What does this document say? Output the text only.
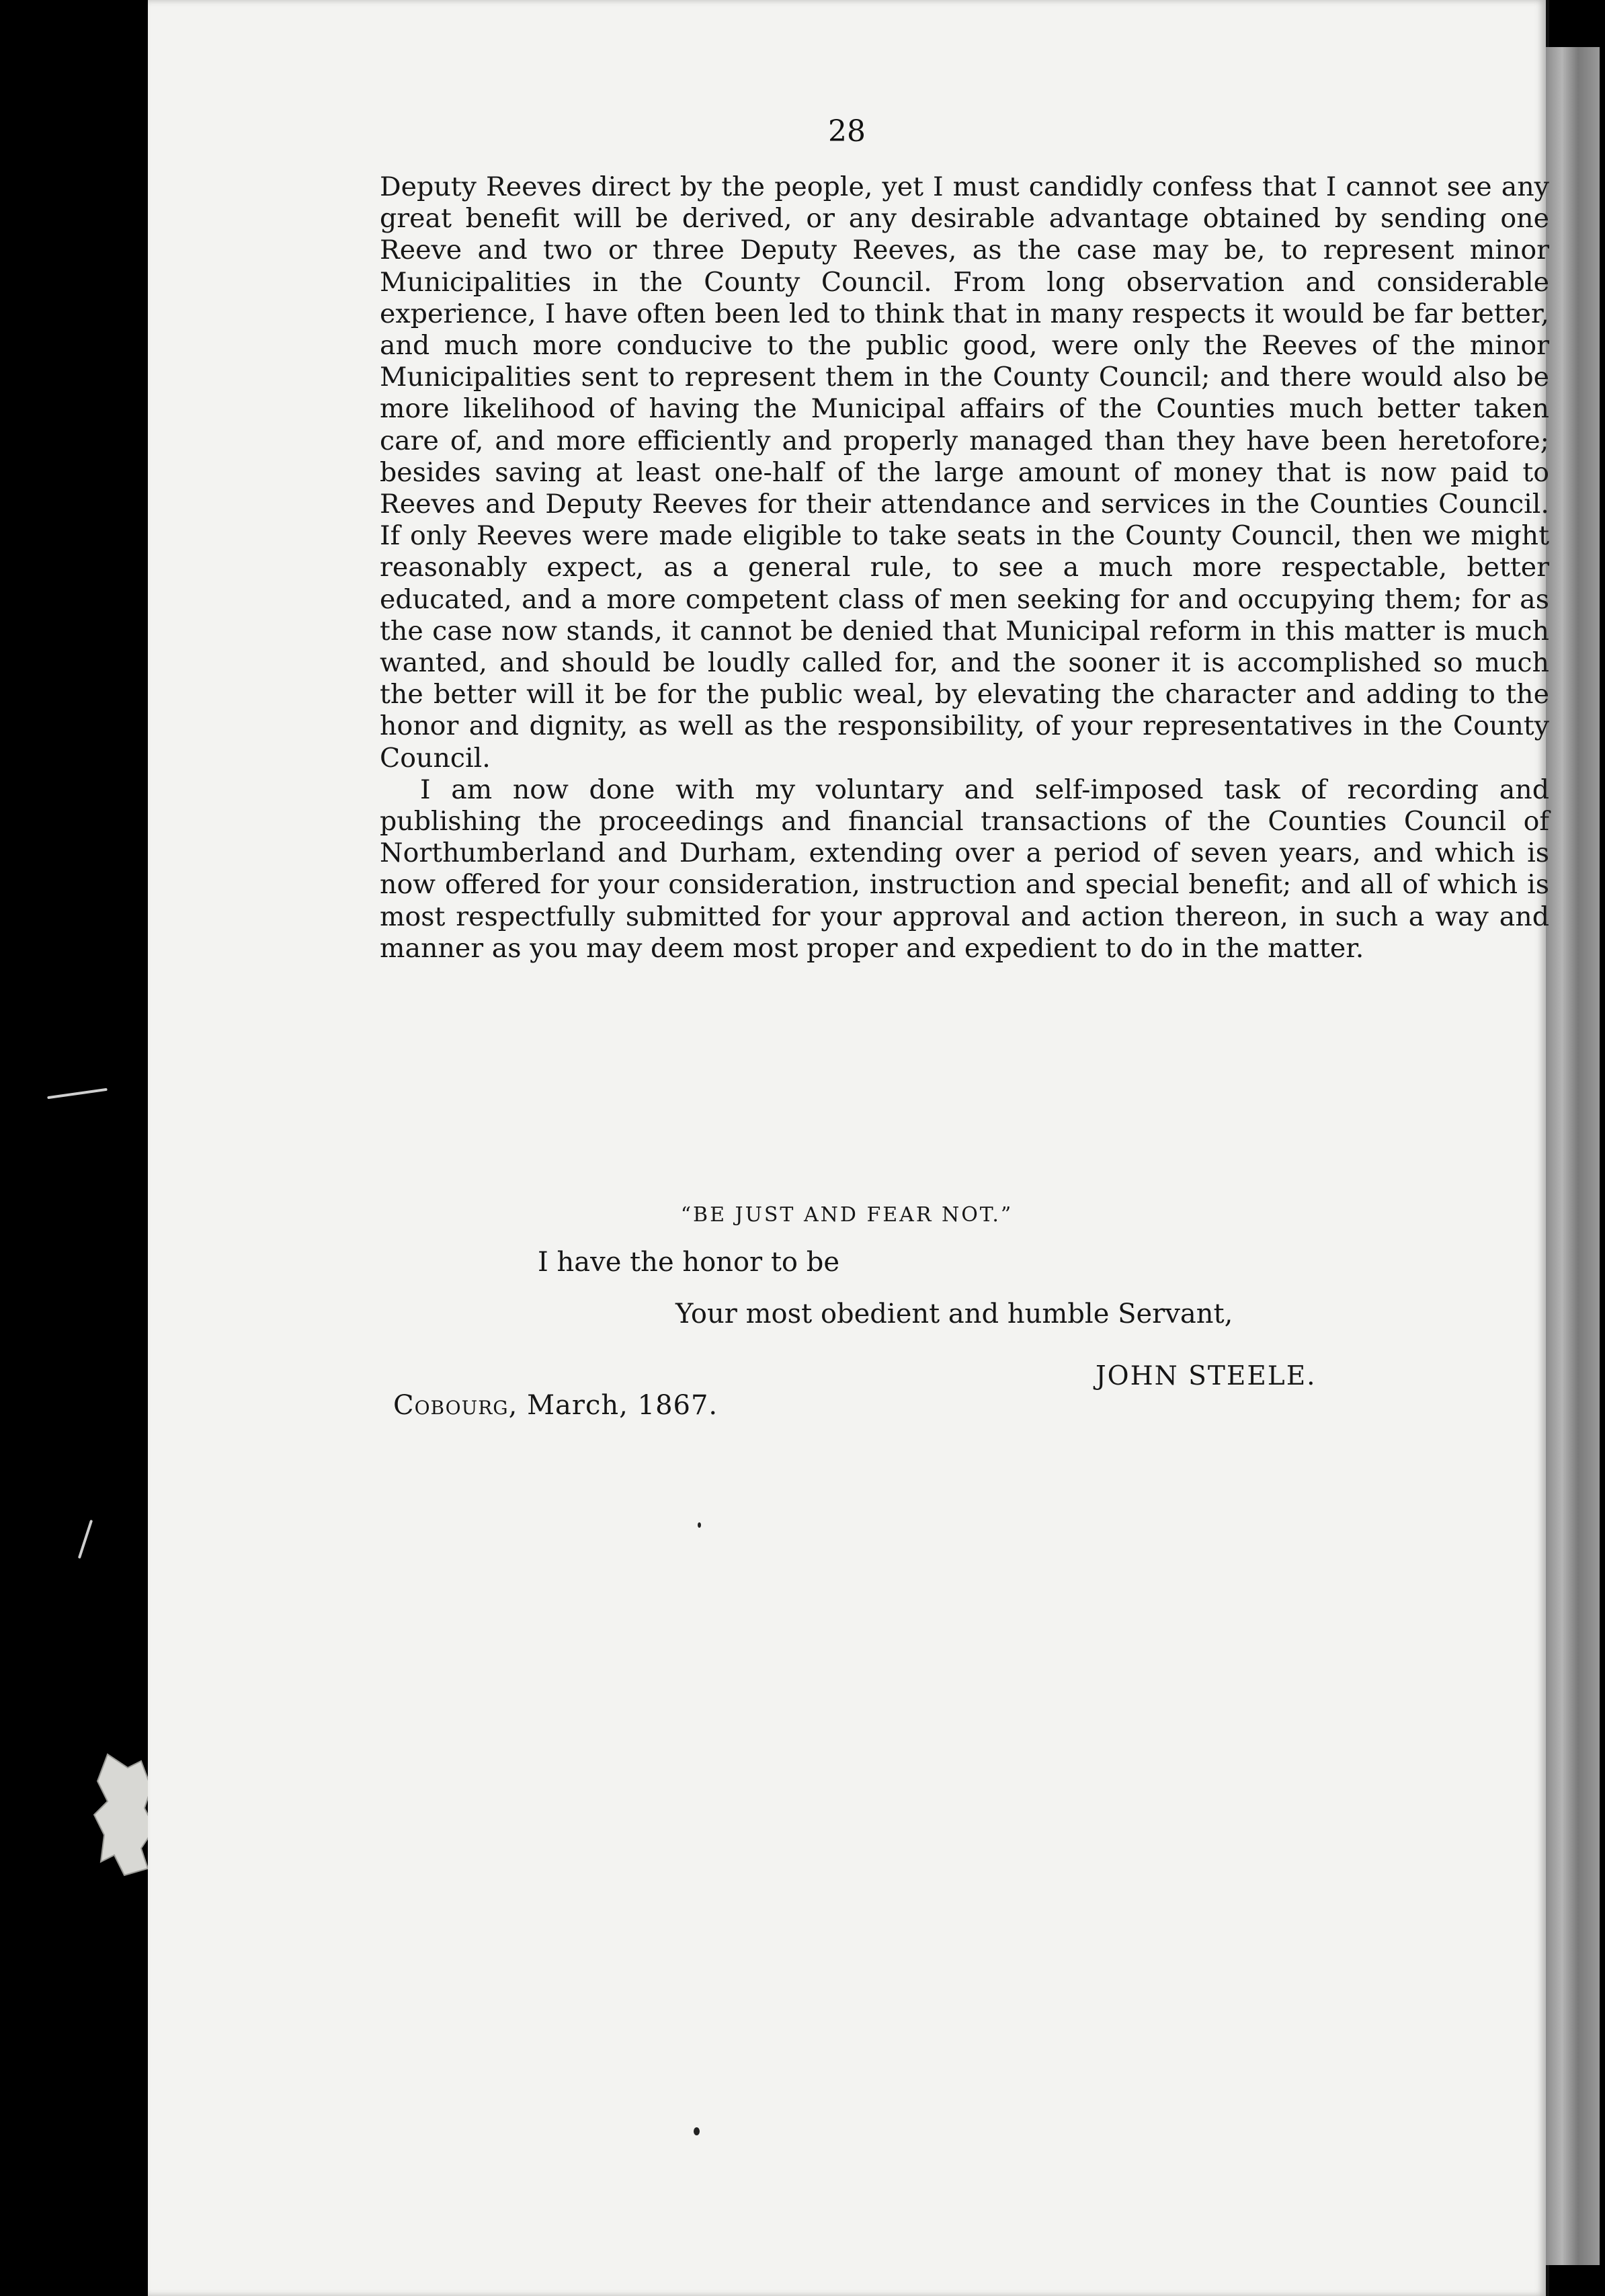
28

Deputy Reeves direct by the people, yet I must candidly confess that I cannot see any great benefit will be derived, or any desirable advantage obtained by sending one Reeve and two or three Deputy Reeves, as the case may be, to represent minor Municipalities in the County Council. From long observation and considerable experience, I have often been led to think that in many respects it would be far better, and much more conducive to the public good, were only the Reeves of the minor Municipalities sent to represent them in the County Council; and there would also be more likelihood of having the Municipal affairs of the Counties much better taken care of, and more efficiently and properly managed than they have been heretofore; besides saving at least one-half of the large amount of money that is now paid to Reeves and Deputy Reeves for their attendance and services in the Counties Council. If only Reeves were made eligible to take seats in the County Council, then we might reasonably expect, as a general rule, to see a much more respectable, better educated, and a more competent class of men seeking for and occupying them; for as the case now stands, it cannot be denied that Municipal reform in this matter is much wanted, and should be loudly called for, and the sooner it is accomplished so much the better will it be for the public weal, by elevating the character and adding to the honor and dignity, as well as the responsibility, of your representatives in the County Council.

I am now done with my voluntary and self-imposed task of recording and publishing the proceedings and financial transactions of the Counties Council of Northumberland and Durham, extending over a period of seven years, and which is now offered for your consideration, instruction and special benefit; and all of which is most respectfully submitted for your approval and action thereon, in such a way and manner as you may deem most proper and expedient to do in the matter.

“BE JUST AND FEAR NOT.”
I have the honor to be
Your most obedient and humble Servant,
JOHN STEELE.
Cobourg, March, 1867.
